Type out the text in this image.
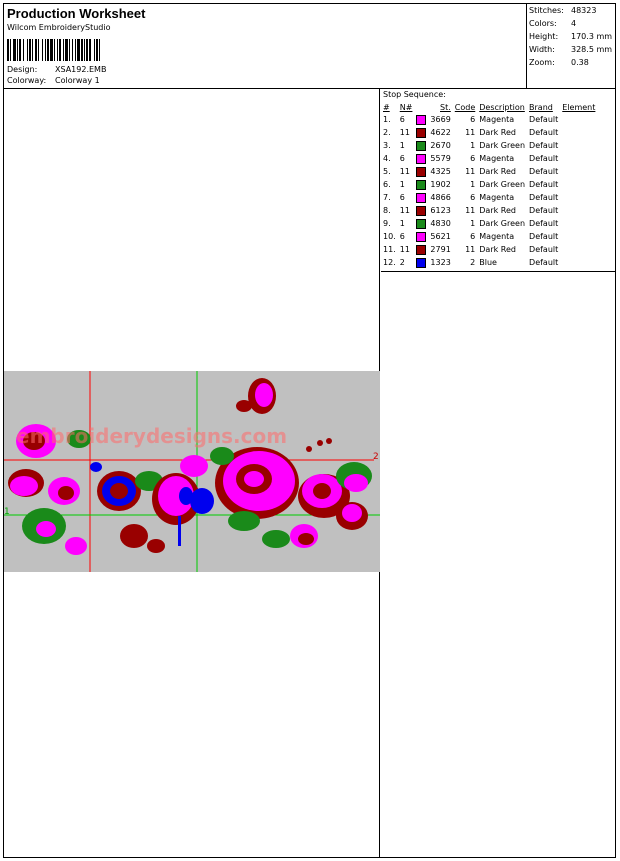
Production Worksheet
Wilcom EmbroideryStudio
Design: XSA192.EMB
Colorway: Colorway 1
Stitches: 48323
Colors: 4
Height: 170.3 mm
Width: 328.5 mm
Zoom: 0.38
embroiderydesigns.com
1
2
Stop Sequence:
#	N#		St.	Code	Description	Brand	Element
1.	6		3669	6	Magenta	Default	
2.	11		4622	11	Dark Red	Default	
3.	1		2670	1	Dark Green	Default	
4.	6		5579	6	Magenta	Default	
5.	11		4325	11	Dark Red	Default	
6.	1		1902	1	Dark Green	Default	
7.	6		4866	6	Magenta	Default	
8.	11		6123	11	Dark Red	Default	
9.	1		4830	1	Dark Green	Default	
10.	6		5621	6	Magenta	Default	
11.	11		2791	11	Dark Red	Default	
12.	2		1323	2	Blue	Default	
